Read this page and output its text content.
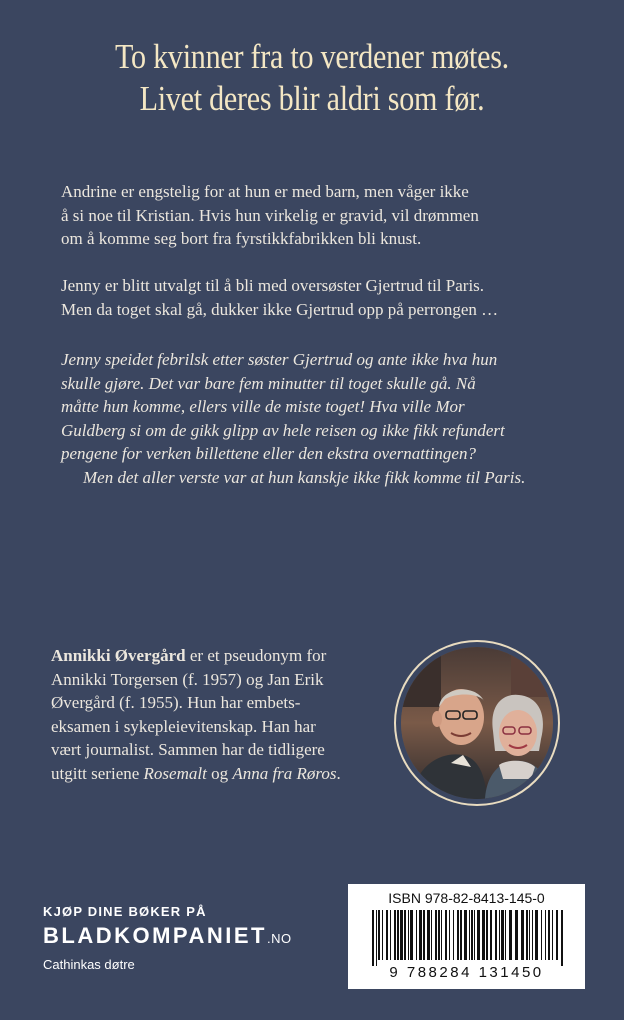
To kvinner fra to verdener møtes.
Livet deres blir aldri som før.
Andrine er engstelig for at hun er med barn, men våger ikke
å si noe til Kristian. Hvis hun virkelig er gravid, vil drømmen
om å komme seg bort fra fyrstikkfabrikken bli knust.
Jenny er blitt utvalgt til å bli med oversøster Gjertrud til Paris.
Men da toget skal gå, dukker ikke Gjertrud opp på perrongen …
Jenny speidet febrilsk etter søster Gjertrud og ante ikke hva hun
skulle gjøre. Det var bare fem minutter til toget skulle gå. Nå
måtte hun komme, ellers ville de miste toget! Hva ville Mor
Guldberg si om de gikk glipp av hele reisen og ikke fikk refundert
pengene for verken billettene eller den ekstra overnattingen?
Men det aller verste var at hun kanskje ikke fikk komme til Paris.
Annikki Øvergård er et pseudonym for
Annikki Torgersen (f. 1957) og Jan Erik
Øvergård (f. 1955). Hun har embets-
eksamen i sykepleievitenskap. Han har
vært journalist. Sammen har de tidligere
utgitt seriene Rosemalt og Anna fra Røros.
KJØP DINE BØKER PÅ
BLADKOMPANIET.NO
Cathinkas døtre
ISBN 978-82-8413-145-0
9 788284 131450
